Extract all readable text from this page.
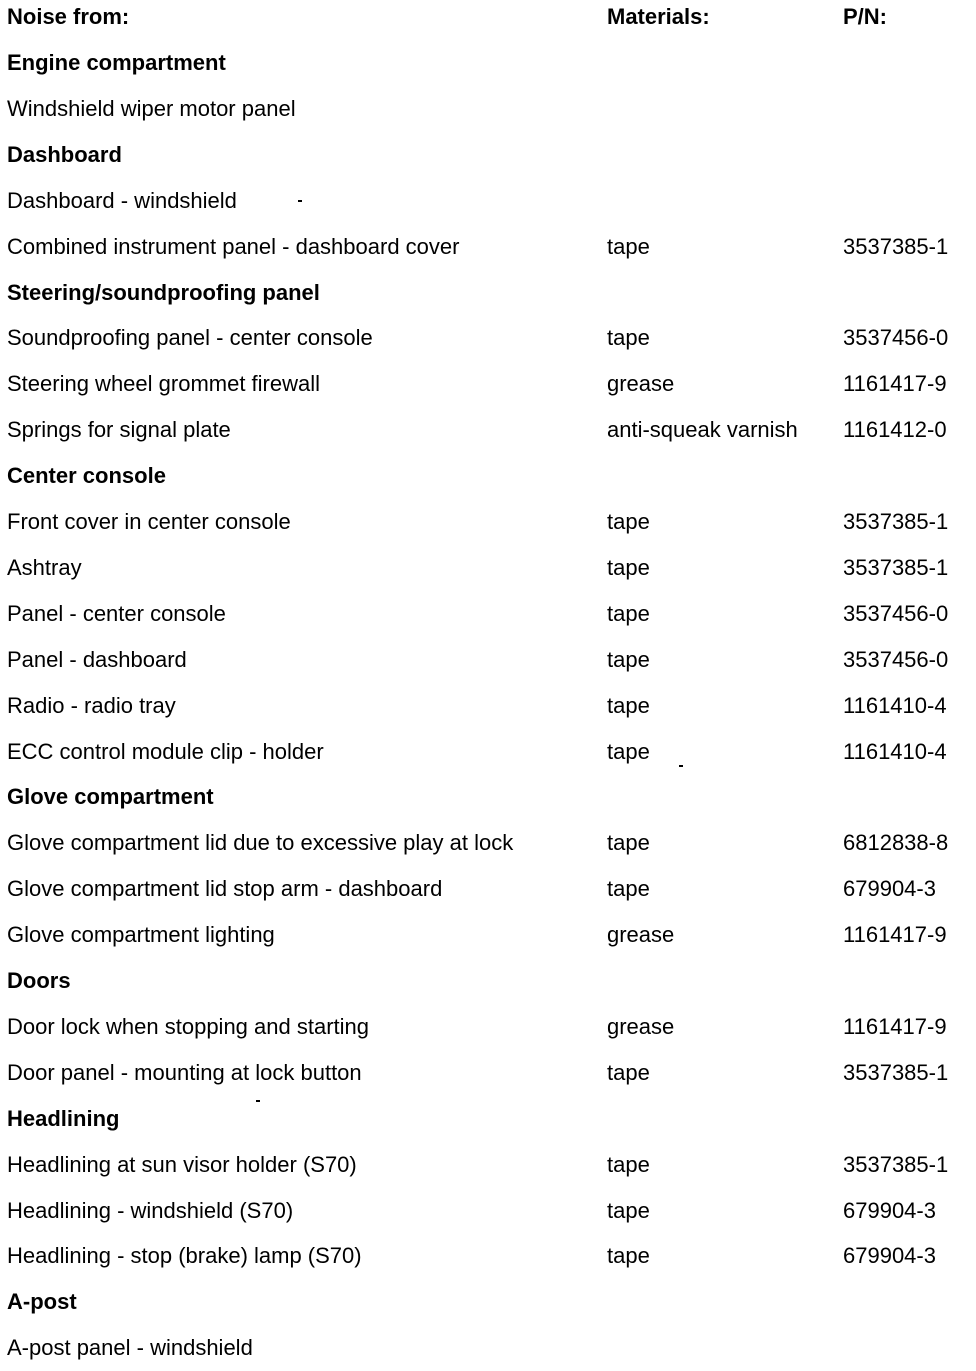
Noise from:	Materials:	P/N:
Engine compartment
Windshield wiper motor panel
Dashboard
Dashboard - windshield
Combined instrument panel - dashboard cover	tape	3537385-1
Steering/soundproofing panel
Soundproofing panel - center console	tape	3537456-0
Steering wheel grommet firewall	grease	1161417-9
Springs for signal plate	anti-squeak varnish 1161412-0
Center console
Front cover in center console	tape	3537385-1
Ashtray	tape	3537385-1
Panel - center console	tape	3537456-0
Panel - dashboard	tape	3537456-0
Radio - radio tray	tape	1161410-4
ECC control module clip - holder	tape	1161410-4
Glove compartment
Glove compartment lid due to excessive play at lock	tape	6812838-8
Glove compartment lid stop arm - dashboard	tape	679904-3
Glove compartment lighting	grease	1161417-9
Doors
Door lock when stopping and starting	grease	1161417-9
Door panel - mounting at lock button	tape	3537385-1
Headlining
Headlining at sun visor holder (S70)	tape	3537385-1
Headlining - windshield (S70)	tape	679904-3
Headlining - stop (brake) lamp (S70)	tape	679904-3
A-post
A-post panel - windshield
